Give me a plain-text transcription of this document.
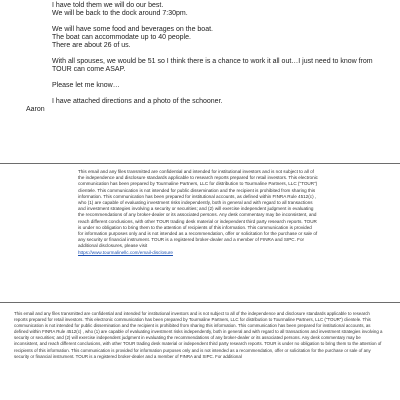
I have told them we will do our best.

We will be back to the dock around 7:30pm.

We will have some food and beverages on the boat.

The boat can accommodate up to 40 people.

There are about 26 of us.

With all spouses, we would be 51 so I think there is a chance to work it all out…I just need to know from TOUR can come ASAP.

Please let me know…

I have attached directions and a photo of the schooner.

Aaron

This email and any files transmitted are confidential and intended for institutional investors and is not subject to all of the independence and disclosure standards applicable to research reports prepared for retail investors. This electronic communication has been prepared by Tourmaline Partners, LLC for distribution to Tourmaline Partners, LLC ("TOUR") clientele. This communication is not intended for public dissemination and the recipient is prohibited from sharing this information. This communication has been prepared for institutional accounts, as defined within FINRA Rule 4512(c) , who (1) are capable of evaluating investment risks independently, both in general and with regard to all transactions and investment strategies involving a security or securities; and (2) will exercise independent judgment in evaluating the recommendations of any broker-dealer or its associated persons. Any desk commentary may be inconsistent, and reach different conclusions, with other TOUR trading desk material or independent third party research reports. TOUR is under no obligation to bring them to the attention of recipients of this information. This communication is provided for information purposes only and is not intended as a recommendation, offer or solicitation for the purchase or sale of any security or financial instrument. TOUR is a registered broker-dealer and a member of FINRA and SIPC. For additional disclosures, please visit
https://www.tourmalinellc.com/email-disclosure
This email and any files transmitted are confidential and intended for institutional investors and is not subject to all of the independence and disclosure standards applicable to research reports prepared for retail investors. This electronic communication has been prepared by Tourmaline Partners, LLC for distribution to Tourmaline Partners, LLC ("TOUR") clientele. This communication is not intended for public dissemination and the recipient is prohibited from sharing this information. This communication has been prepared for institutional accounts, as defined within FINRA Rule 4512(c) , who (1) are capable of evaluating investment risks independently, both in general and with regard to all transactions and investment strategies involving a security or securities; and (2) will exercise independent judgment in evaluating the recommendations of any broker-dealer or its associated persons. Any desk commentary may be inconsistent, and reach different conclusions, with other TOUR trading desk material or independent third party research reports. TOUR is under no obligation to bring them to the attention of recipients of this information. This communication is provided for information purposes only and is not intended as a recommendation, offer or solicitation for the purchase or sale of any security or financial instrument. TOUR is a registered broker-dealer and a member of FINRA and SIPC. For additional
